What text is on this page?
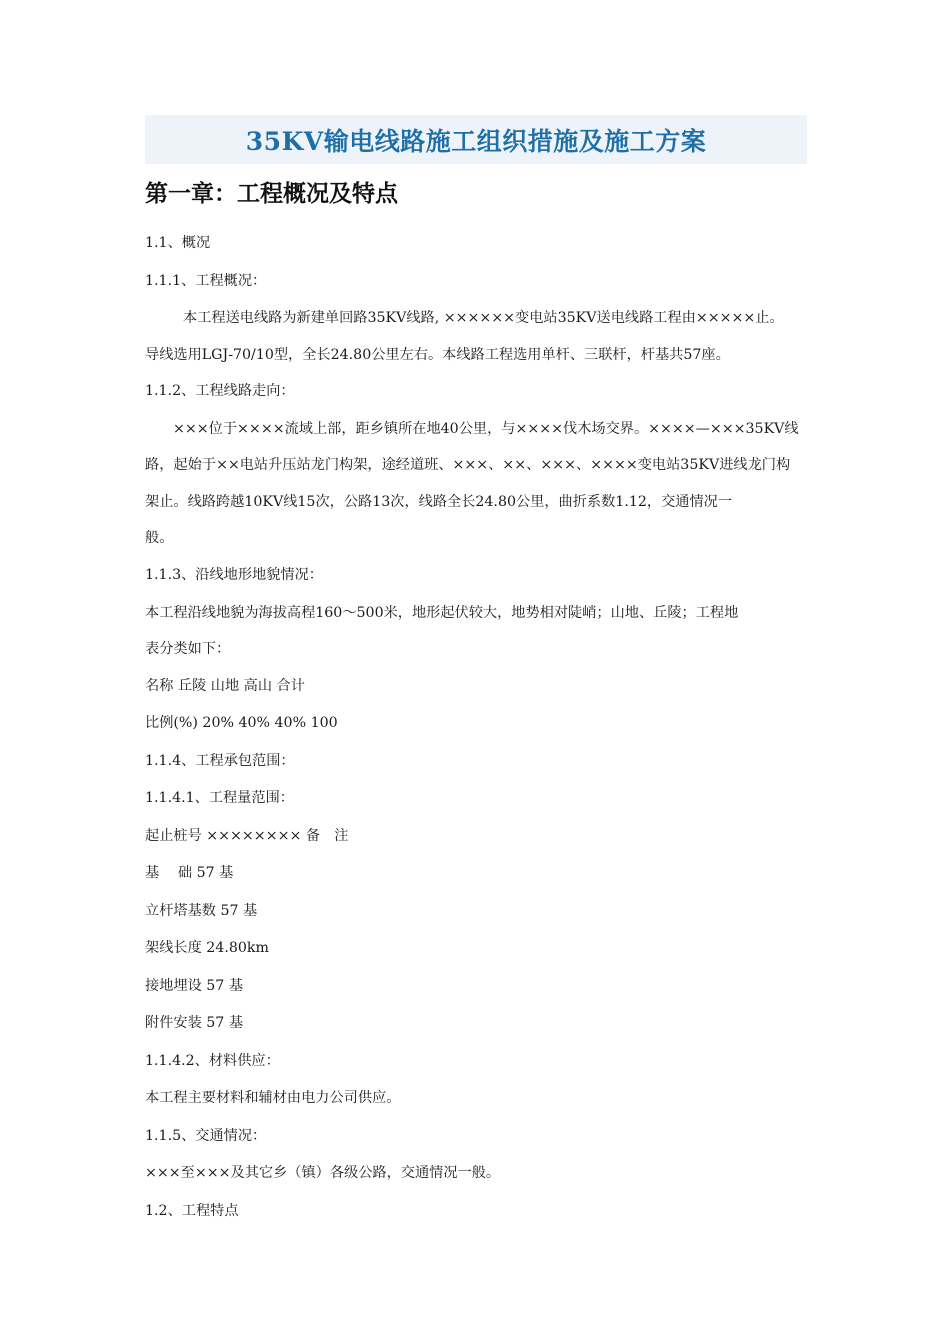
35KV输电线路施工组织措施及施工方案
第一章：工程概况及特点

1.1、概况

1.1.1、工程概况：

本工程送电线路为新建单回路35KV线路, ××××××变电站35KV送电线路工程由×××××止。
导线选用LGJ-70/10型，全长24.80公里左右。本线路工程选用单杆、三联杆，杆基共57座。

1.1.2、工程线路走向：

×××位于××××流域上部，距乡镇所在地40公里，与××××伐木场交界。××××—×××35KV线
路，起始于××电站升压站龙门构架，途经道班、×××、××、×××、××××变电站35KV进线龙门构
架止。线路跨越10KV线15次，公路13次，线路全长24.80公里，曲折系数1.12，交通情况一
般。

1.1.3、沿线地形地貌情况：

本工程沿线地貌为海拔高程160～500米，地形起伏较大，地势相对陡峭；山地、丘陵；工程地
表分类如下：

名称 丘陵 山地 高山 合计

比例(%) 20% 40% 40% 100

1.1.4、工程承包范围：

1.1.4.1、工程量范围：

起止桩号 ×××××××× 备　注

基　 础 57 基

立杆塔基数 57 基

架线长度 24.80km

接地埋设 57 基

附件安装 57 基

1.1.4.2、材料供应：

本工程主要材料和辅材由电力公司供应。

1.1.5、交通情况：

×××至×××及其它乡（镇）各级公路，交通情况一般。

1.2、工程特点
